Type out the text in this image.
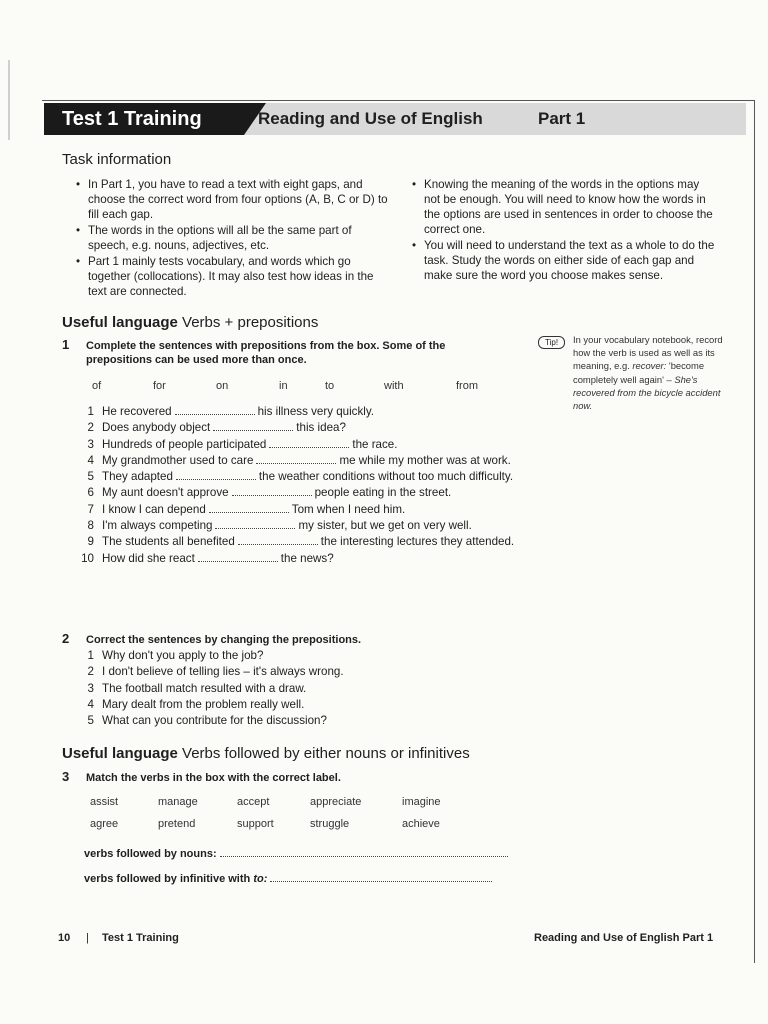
Test 1 Training	Reading and Use of English	Part 1
Task information
• In Part 1, you have to read a text with eight gaps, and choose the correct word from four options (A, B, C or D) to fill each gap.
• The words in the options will all be the same part of speech, e.g. nouns, adjectives, etc.
• Part 1 mainly tests vocabulary, and words which go together (collocations). It may also test how ideas in the text are connected.
• Knowing the meaning of the words in the options may not be enough. You will need to know how the words in the options are used in sentences in order to choose the correct one.
• You will need to understand the text as a whole to do the task. Study the words on either side of each gap and make sure the word you choose makes sense.
Useful language Verbs + prepositions
1 Complete the sentences with prepositions from the box. Some of the prepositions can be used more than once.
of	for	on	in	to	with	from
Tip!	In your vocabulary notebook, record how the verb is used as well as its meaning, e.g. recover: 'become completely well again' – She's recovered from the bicycle accident now.
1 He recovered	his illness very quickly.
2 Does anybody object	this idea?
3 Hundreds of people participated	the race.
4 My grandmother used to care	me while my mother was at work.
5 They adapted	the weather conditions without too much difficulty.
6 My aunt doesn't approve	people eating in the street.
7 I know I can depend	Tom when I need him.
8 I'm always competing	my sister, but we get on very well.
9 The students all benefited	the interesting lectures they attended.
10 How did she react	the news?
2 Correct the sentences by changing the prepositions.
1 Why don't you apply to the job?
2 I don't believe of telling lies – it's always wrong.
3 The football match resulted with a draw.
4 Mary dealt from the problem really well.
5 What can you contribute for the discussion?
Useful language Verbs followed by either nouns or infinitives
3 Match the verbs in the box with the correct label.
assist	manage	accept	appreciate	imagine
agree	pretend	support	struggle	achieve
verbs followed by nouns:
verbs followed by infinitive with to:
10 | Test 1 Training	Reading and Use of English Part 1
